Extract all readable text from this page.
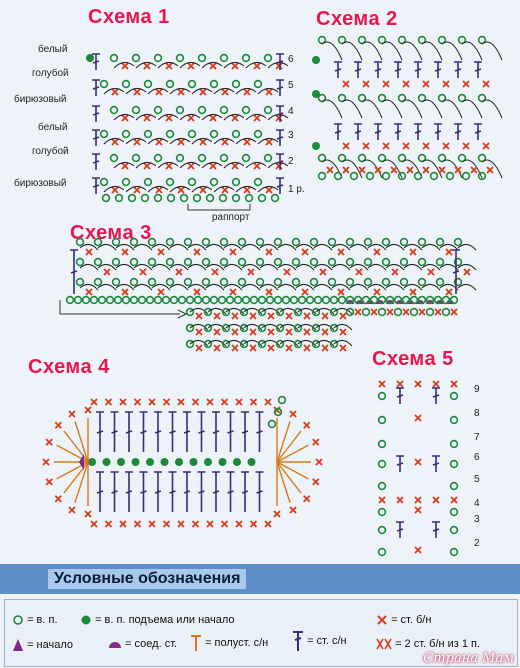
Схема 1	Схема 2
Схема 3
Схема 4	Схема 5
белый
голубой
бирюзовый
белый
голубой
бирюзовый
6
5
4
3
2
1 р.
раппорт
9
8
7
6
5
4
3
2
Условные обозначения
= в. п.	= в. п. подъема или начало	= ст. б/н
= начало	= соед. ст.	= полуст. с/н	= ст. с/н	= 2 ст. б/н из 1 п.
Страна Мам
